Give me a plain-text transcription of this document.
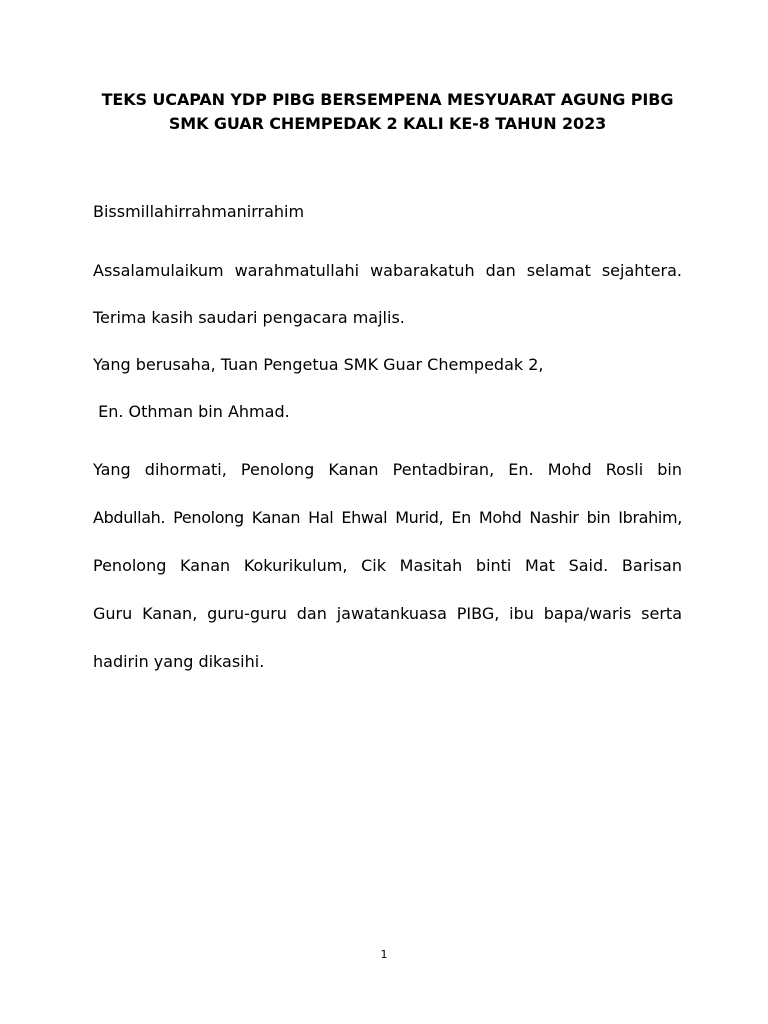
TEKS UCAPAN YDP PIBG BERSEMPENA MESYUARAT AGUNG PIBG
SMK GUAR CHEMPEDAK 2 KALI KE-8 TAHUN 2023
Bissmillahirrahmanirrahim
Assalamulaikum warahmatullahi wabarakatuh dan selamat sejahtera.
Terima kasih saudari pengacara majlis.
Yang berusaha, Tuan Pengetua SMK Guar Chempedak 2,
En. Othman bin Ahmad.
Yang dihormati, Penolong Kanan Pentadbiran, En. Mohd Rosli bin
Abdullah. Penolong Kanan Hal Ehwal Murid, En Mohd Nashir bin Ibrahim,
Penolong Kanan Kokurikulum, Cik Masitah binti Mat Said. Barisan
Guru Kanan, guru-guru dan jawatankuasa PIBG, ibu bapa/waris serta
hadirin yang dikasihi.
1
